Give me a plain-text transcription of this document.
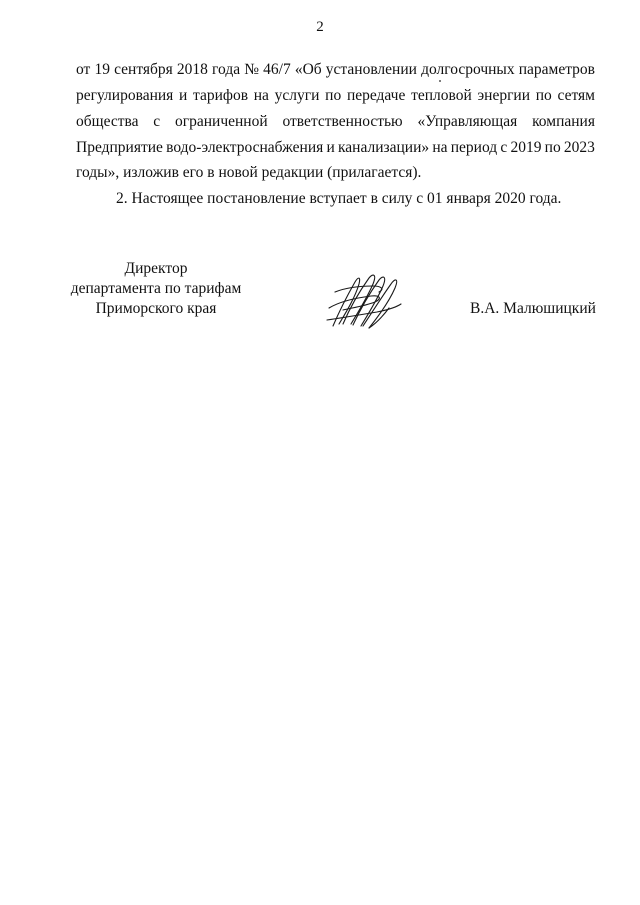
2
от 19 сентября 2018 года № 46/7 «Об установлении долгосрочных параметров
регулирования и тарифов на услуги по передаче тепловой энергии по сетям
общества с ограниченной ответственностью «Управляющая компания
Предприятие водо-электроснабжения и канализации» на период с 2019 по 2023
годы», изложив его в новой редакции (прилагается).
2. Настоящее постановление вступает в силу с 01 января 2020 года.
Директор
департамента по тарифам
Приморского края	В.А. Малюшицкий
